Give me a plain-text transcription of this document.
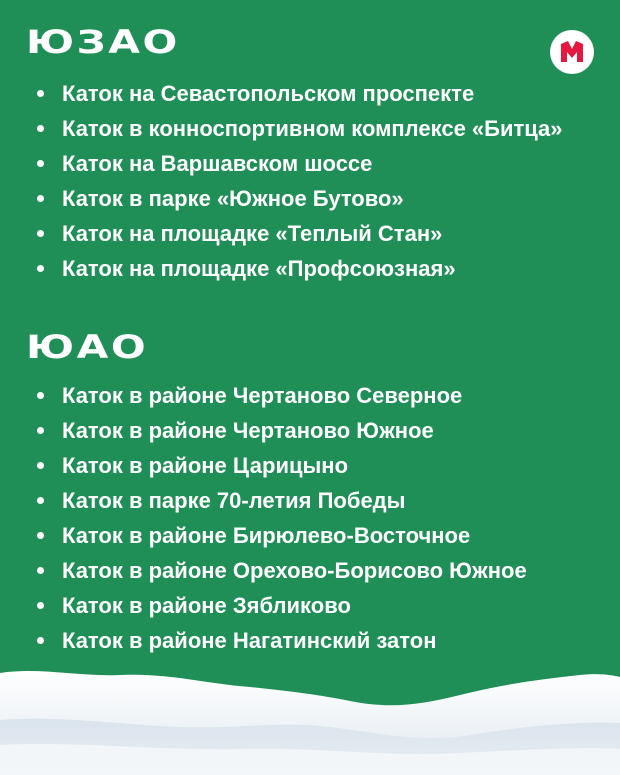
ЮЗАО
Каток на Севастопольском проспекте
Каток в конноспортивном комплексе «Битца»
Каток на Варшавском шоссе
Каток в парке «Южное Бутово»
Каток на площадке «Теплый Стан»
Каток на площадке «Профсоюзная»
ЮАО
Каток в районе Чертаново Северное
Каток в районе Чертаново Южное
Каток в районе Царицыно
Каток в парке 70-летия Победы
Каток в районе Бирюлево-Восточное
Каток в районе Орехово-Борисово Южное
Каток в районе Зябликово
Каток в районе Нагатинский затон
